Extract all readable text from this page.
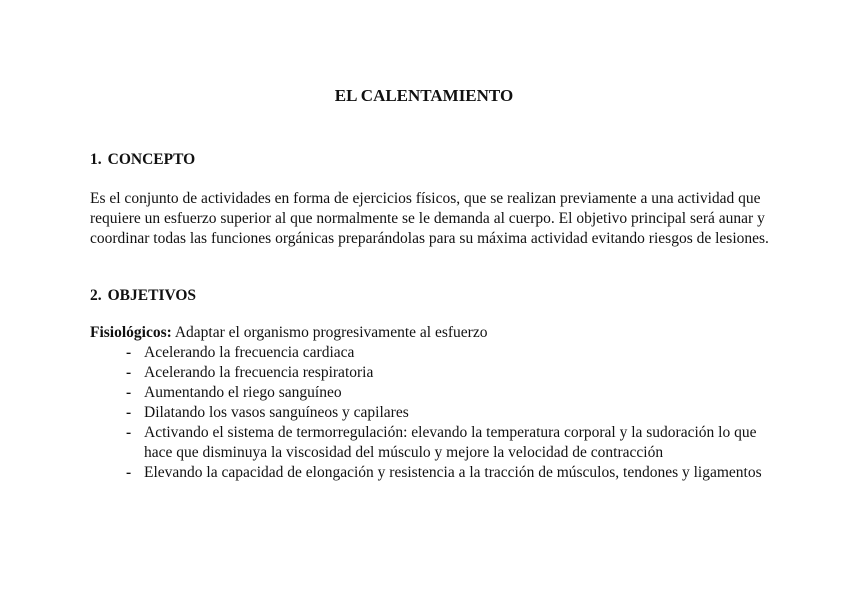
EL CALENTAMIENTO
1. CONCEPTO

Es el conjunto de actividades en forma de ejercicios físicos, que se realizan previamente a una actividad que requiere un esfuerzo superior al que normalmente se le demanda al cuerpo. El objetivo principal será aunar y coordinar todas las funciones orgánicas preparándolas para su máxima actividad evitando riesgos de lesiones.

2. OBJETIVOS

Fisiológicos: Adaptar el organismo progresivamente al esfuerzo

- Acelerando la frecuencia cardiaca
- Acelerando la frecuencia respiratoria
- Aumentando el riego sanguíneo
- Dilatando los vasos sanguíneos y capilares
- Activando el sistema de termorregulación: elevando la temperatura corporal y la sudoración lo que hace que disminuya la viscosidad del músculo y mejore la velocidad de contracción
- Elevando la capacidad de elongación y resistencia a la tracción de músculos, tendones y ligamentos
